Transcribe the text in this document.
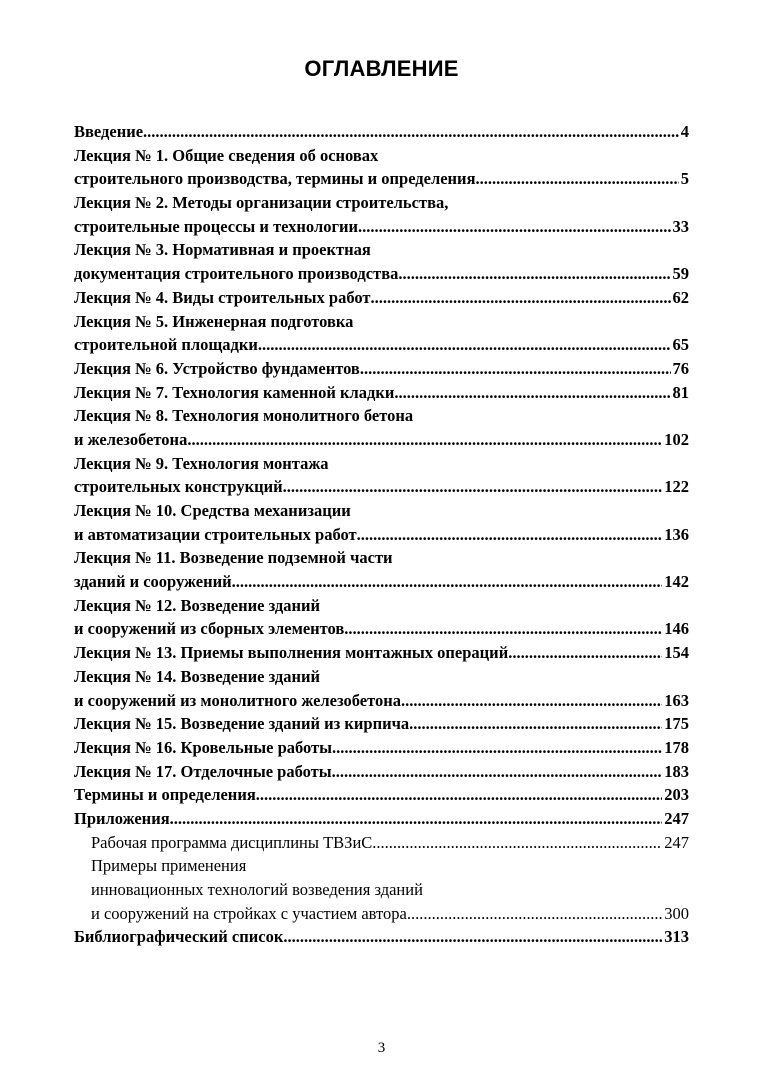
ОГЛАВЛЕНИЕ
Введение .....	4
Лекция № 1. Общие сведения об основах
строительного производства, термины и определения .....	5
Лекция № 2. Методы организации строительства,
строительные процессы и технологии .....	33
Лекция № 3. Нормативная и проектная
документация строительного производства .....	59
Лекция № 4. Виды строительных работ .....	62
Лекция № 5. Инженерная подготовка
строительной площадки .....	65
Лекция № 6. Устройство фундаментов .....	76
Лекция № 7. Технология каменной кладки .....	81
Лекция № 8. Технология монолитного бетона
и железобетона .....	102
Лекция № 9. Технология монтажа
строительных конструкций .....	122
Лекция № 10. Средства механизации
и автоматизации строительных работ .....	136
Лекция № 11. Возведение подземной части
зданий и сооружений .....	142
Лекция № 12. Возведение зданий
и сооружений из сборных элементов .....	146
Лекция № 13. Приемы выполнения монтажных операций .....	154
Лекция № 14. Возведение зданий
и сооружений из монолитного железобетона .....	163
Лекция № 15. Возведение зданий из кирпича .....	175
Лекция № 16. Кровельные работы .....	178
Лекция № 17. Отделочные работы .....	183
Термины и определения .....	203
Приложения .....	247
Рабочая программа дисциплины ТВЗиС .....	247
Примеры применения
инновационных технологий возведения зданий
и сооружений на стройках с участием автора .....	300
Библиографический список .....	313
3
